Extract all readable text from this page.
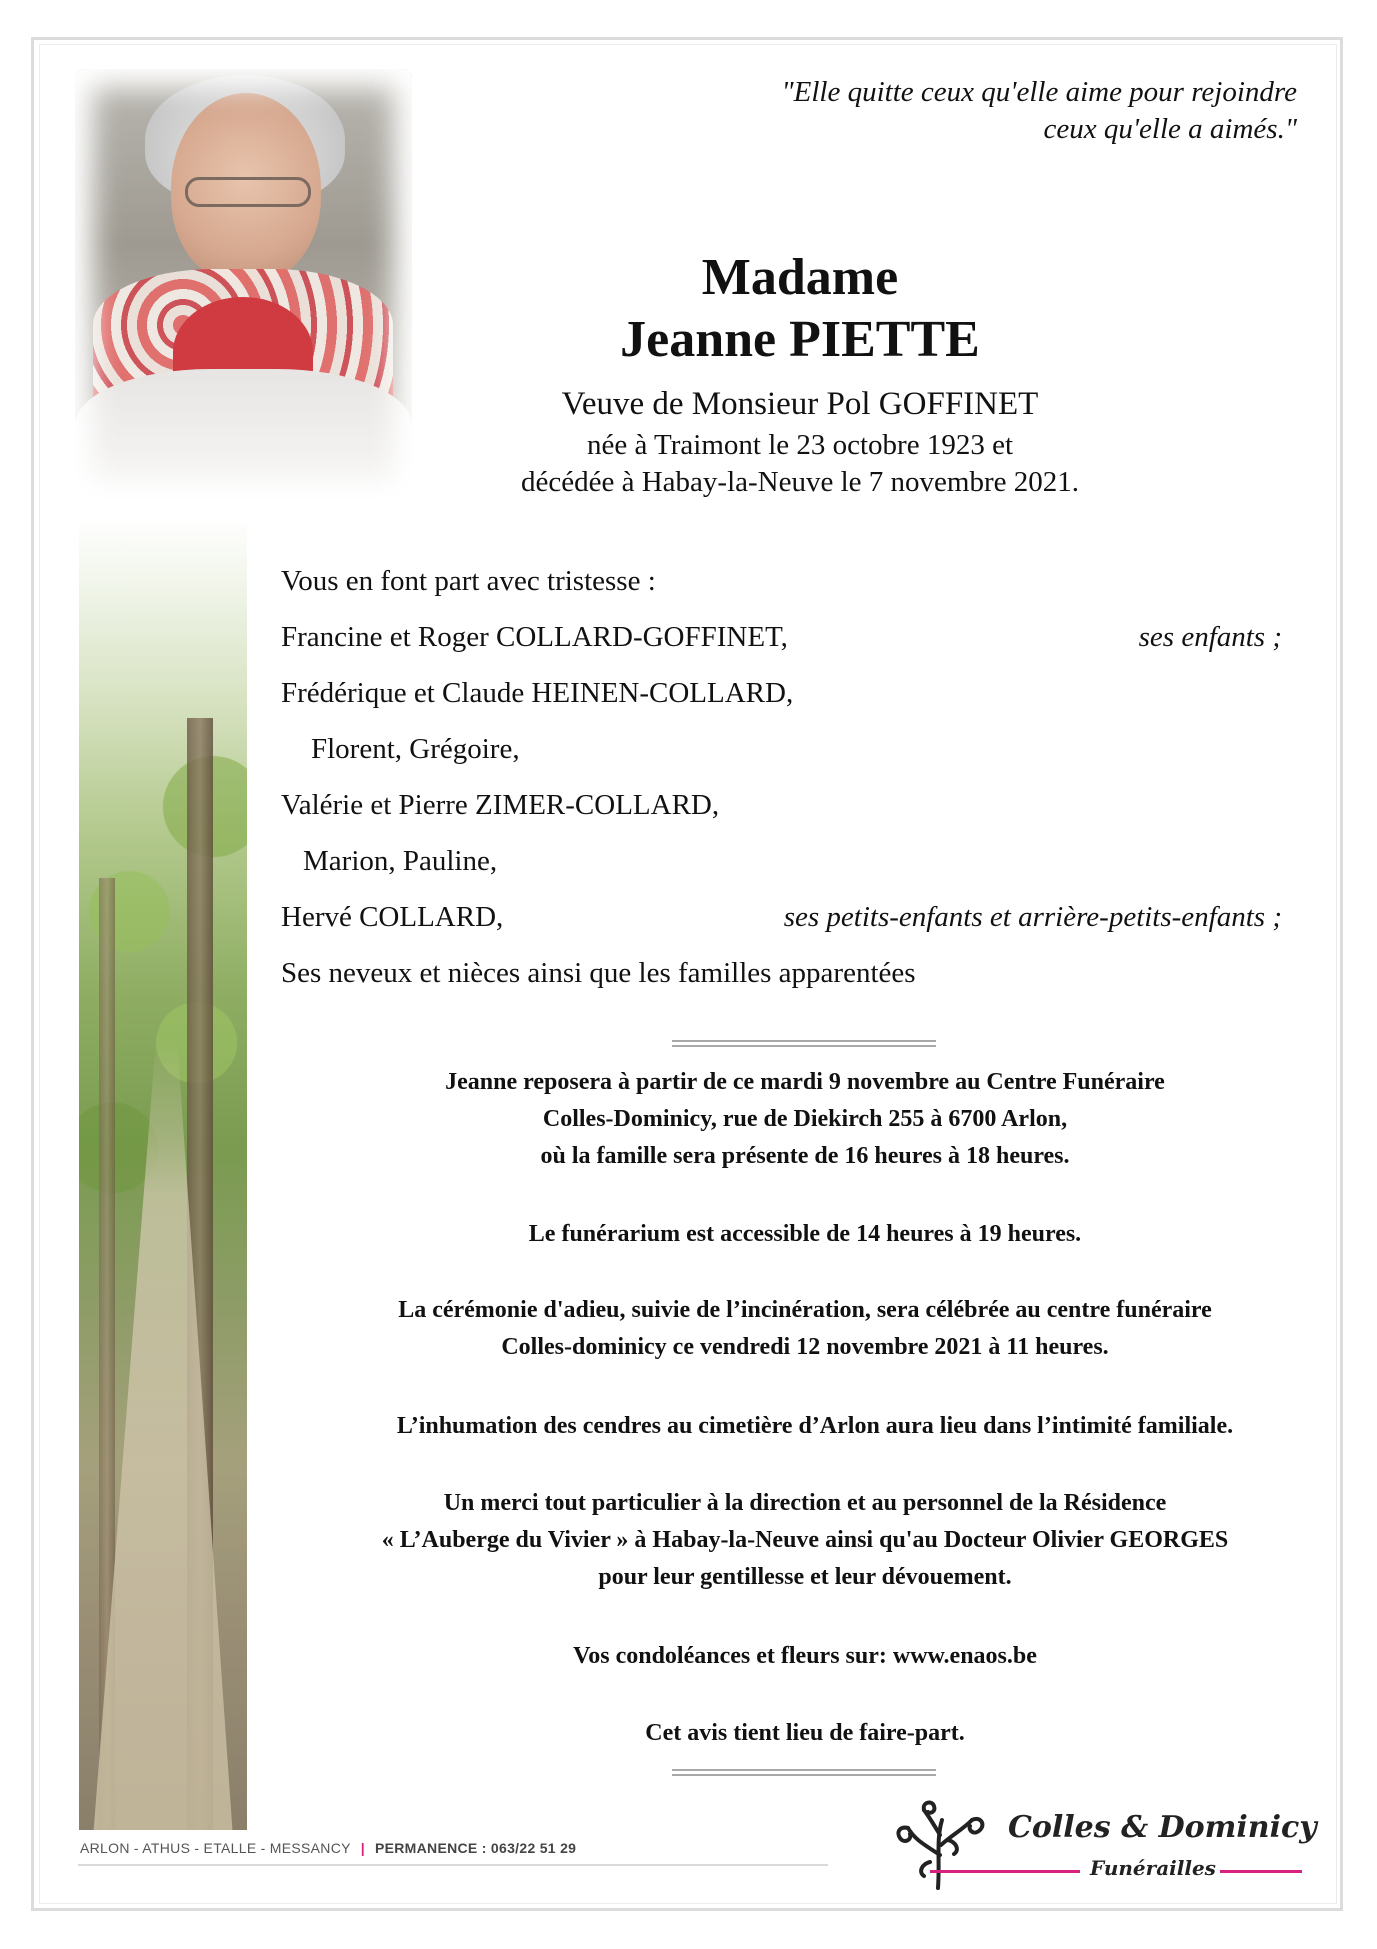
"Elle quitte ceux qu'elle aime pour rejoindre
ceux qu'elle a aimés."
Madame
Jeanne PIETTE
Veuve de Monsieur Pol GOFFINET
née à Traimont le 23 octobre 1923 et
décédée à Habay-la-Neuve le 7 novembre 2021.
Vous en font part avec tristesse :
Francine et Roger COLLARD-GOFFINET,	ses enfants ;
Frédérique et Claude HEINEN-COLLARD,
Florent, Grégoire,
Valérie et Pierre ZIMER-COLLARD,
Marion, Pauline,
Hervé COLLARD,	ses petits-enfants et arrière-petits-enfants ;
Ses neveux et nièces ainsi que les familles apparentées
Jeanne reposera à partir de ce mardi 9 novembre au Centre Funéraire
Colles-Dominicy, rue de Diekirch 255 à 6700 Arlon,
où la famille sera présente de 16 heures à 18 heures.
Le funérarium est accessible de 14 heures à 19 heures.
La cérémonie d'adieu, suivie de l’incinération, sera célébrée au centre funéraire
Colles-dominicy ce vendredi 12 novembre 2021 à 11 heures.
L’inhumation des cendres au cimetière d’Arlon aura lieu dans l’intimité familiale.
Un merci tout particulier à la direction et au personnel de la Résidence
« L’Auberge du Vivier » à Habay-la-Neuve ainsi qu'au Docteur Olivier GEORGES
pour leur gentillesse et leur dévouement.
Vos condoléances et fleurs sur: www.enaos.be
Cet avis tient lieu de faire-part.
ARLON - ATHUS - ETALLE - MESSANCY | PERMANENCE : 063/22 51 29
Colles & Dominicy
Funérailles
